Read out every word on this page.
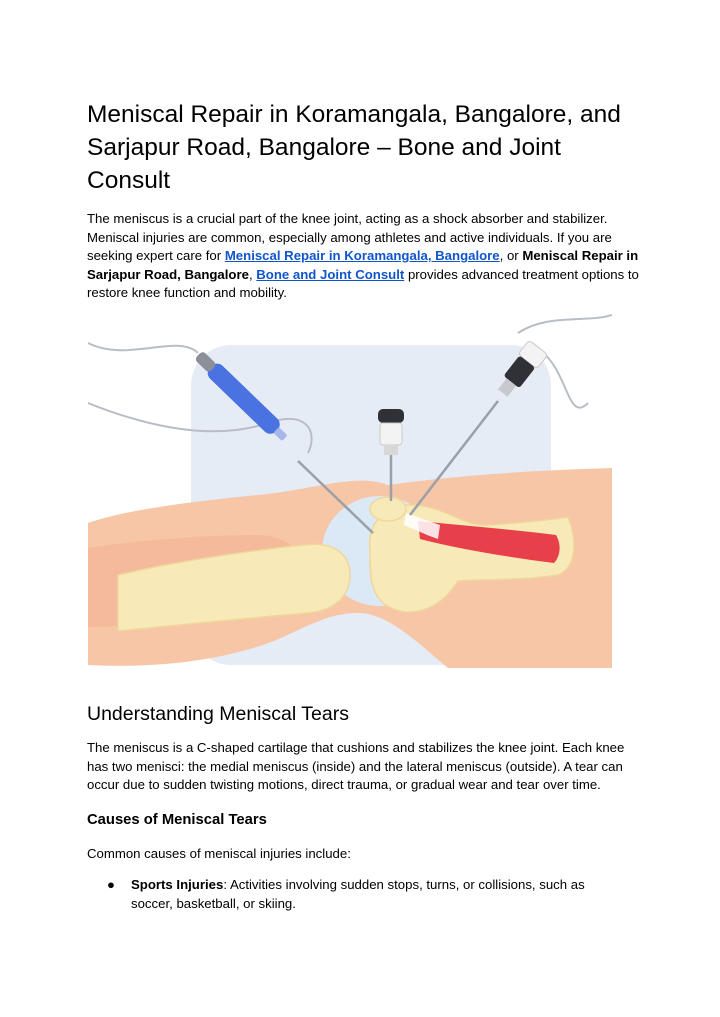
Meniscal Repair in Koramangala, Bangalore, and Sarjapur Road, Bangalore – Bone and Joint Consult

The meniscus is a crucial part of the knee joint, acting as a shock absorber and stabilizer. Meniscal injuries are common, especially among athletes and active individuals. If you are seeking expert care for Meniscal Repair in Koramangala, Bangalore, or Meniscal Repair in Sarjapur Road, Bangalore, Bone and Joint Consult provides advanced treatment options to restore knee function and mobility.

Understanding Meniscal Tears

The meniscus is a C-shaped cartilage that cushions and stabilizes the knee joint. Each knee has two menisci: the medial meniscus (inside) and the lateral meniscus (outside). A tear can occur due to sudden twisting motions, direct trauma, or gradual wear and tear over time.

Causes of Meniscal Tears

Common causes of meniscal injuries include:

● Sports Injuries: Activities involving sudden stops, turns, or collisions, such as soccer, basketball, or skiing.
